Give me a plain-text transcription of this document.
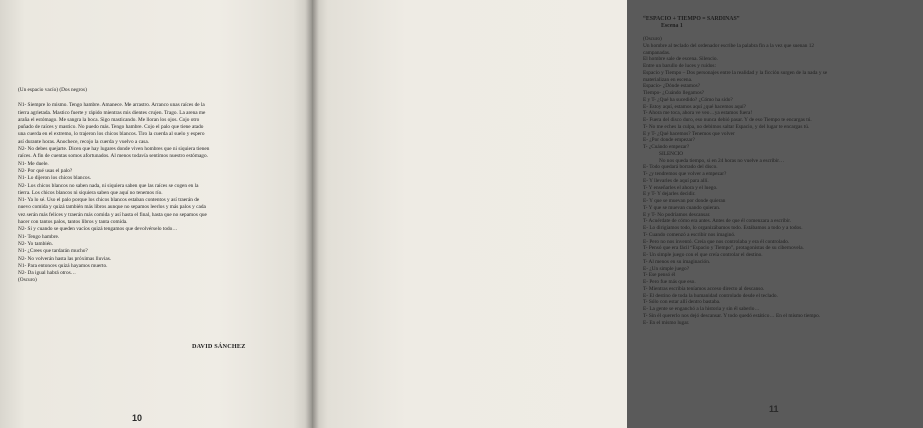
(Un espacio vacío) (Dos negros)

N1- Siempre lo mismo. Tengo hambre. Amanece. Me arrastro. Arranco unas raíces de la

tierra agrietada. Mastico fuerte y rápido mientras mis dientes crujen. Trago. La arena me

araña el estómago. Me sangra la boca. Sigo masticando. Me lloran los ojos. Cojo otro

puñado de raíces y mastico. No puedo más. Tengo hambre. Cojo el palo que tiene atado

una cuerda en el extremo, lo trajeron los chicos blancos. Tiro la cuerda al suelo y espero

así durante horas. Anochece, recojo la cuerda y vuelvo a casa.

N2- No debes quejarte. Dicen que hay lugares donde viven hombres que ni siquiera tienen

raíces. A fin de cuentas somos afortunados. Al menos todavía sentimos nuestro estómago.

N1- Me duele.

N2- Por qué usas el palo?

N1- Lo dijeron los chicos blancos.

N2- Los chicos blancos no saben nada, ni siquiera saben que las raíces se cogen en la

tierra. Los chicos blancos ni siquiera saben que aquí no tenemos río.

N1- Ya lo sé. Uso el palo porque los chicos blancos estaban contentos y así traerán de

nuevo comida y quizá también más libros aunque no sepamos leerlos y más palos y cada

vez serán más felices y traerán más comida y así hasta el final, hasta que no sepamos que

hacer con tantos palos, tantos libros y tanta comida.

N2- Si y cuando se queden vacíos quizá tengamos que devolvérselo todo…

N1- Tengo hambre.

N2- Yo también.

N1- ¿Crees que tardarán mucho?

N2- No volverán hasta las próximas lluvias.

N1- Para entonces quizá hayamos muerto.

N2- Da igual habrá otros…

(Oscuro)

DAVID SÁNCHEZ
10

“ESPACIO + TIEMPO = SARDINAS”

Escena 1

(Oscuro)

Un hombre al teclado del ordenador escribe la palabra fin a la vez que suenan 12

campanadas.

El hombre sale de escena. Silencio.

Entre un barullo de luces y ruidos:

Espacio y Tiempo – Dos personajes entre la realidad y la ficción surgen de la nada y se

materializan en escena.

Espacio- ¿Dónde estamos?

Tiempo- ¿Cuándo llegamos?

E y T- ¿Qué ha sucedido? ¿Cómo ha sido?

E- Estoy aquí, estamos aquí ¿qué hacemos aquí?

T- Ahora me toca, ahora ve veo…ya estamos fuera!

E- Fuera del disco duro, eso nunca debió pasar. Y de eso Tiempo te encargas tú.

T- No me eches la culpa, no debimos saltar Espacio, y del lugar te encargas tú.

E y T- ¿Qué hacemos? Tenemos que volver

E- ¿Por donde empezar?

T- ¿Cuándo empezar?

SILENCIO

No nos queda tiempo, si en 24 horas no vuelve a escribir…

E- Todo quedará borrado del disco.

T- ¿y tendremos que volver a empezar?

E- Y llevarles de aquí para allí.

T- Y enseñarles el ahora y el luego.

E y T- Y dejarles decidir.

E- Y que se muevan por donde quieran

T- Y que se muevan cuando quieran.

E y T- No podríamos descansar.

T- Acuérdate de cómo era antes. Antes de que él comenzara a escribir.

E- Lo dirigíamos todo, lo organizábamos todo. Estábamos a todo y a todos.

T- Cuando comenzó a escribir nos imaginó.

E- Pero no nos inventó. Creía que nos controlaba y era él controlado.

T- Pensó que era fácil “Espacio y Tiempo”, protagonistas de su cibernovela.

E- Un simple juego con el que creía controlar el destino.

T- Al menos en su imaginación.

E- ¿Un simple juego?

T- Ese pensó él

E- Pero fue más que eso.

T- Mientras escribía teníamos acceso directo al descanso.

E- El destino de toda la humanidad controlado desde el teclado.

T- Sólo con estar allí dentro bastaba.

E- La gente se enganchó a la historia y sin él saberlo…

T- Sin él quererlo nos dejó descansar. Y todo quedó estático… En el mismo tiempo.

E- En el mismo lugar.

11
